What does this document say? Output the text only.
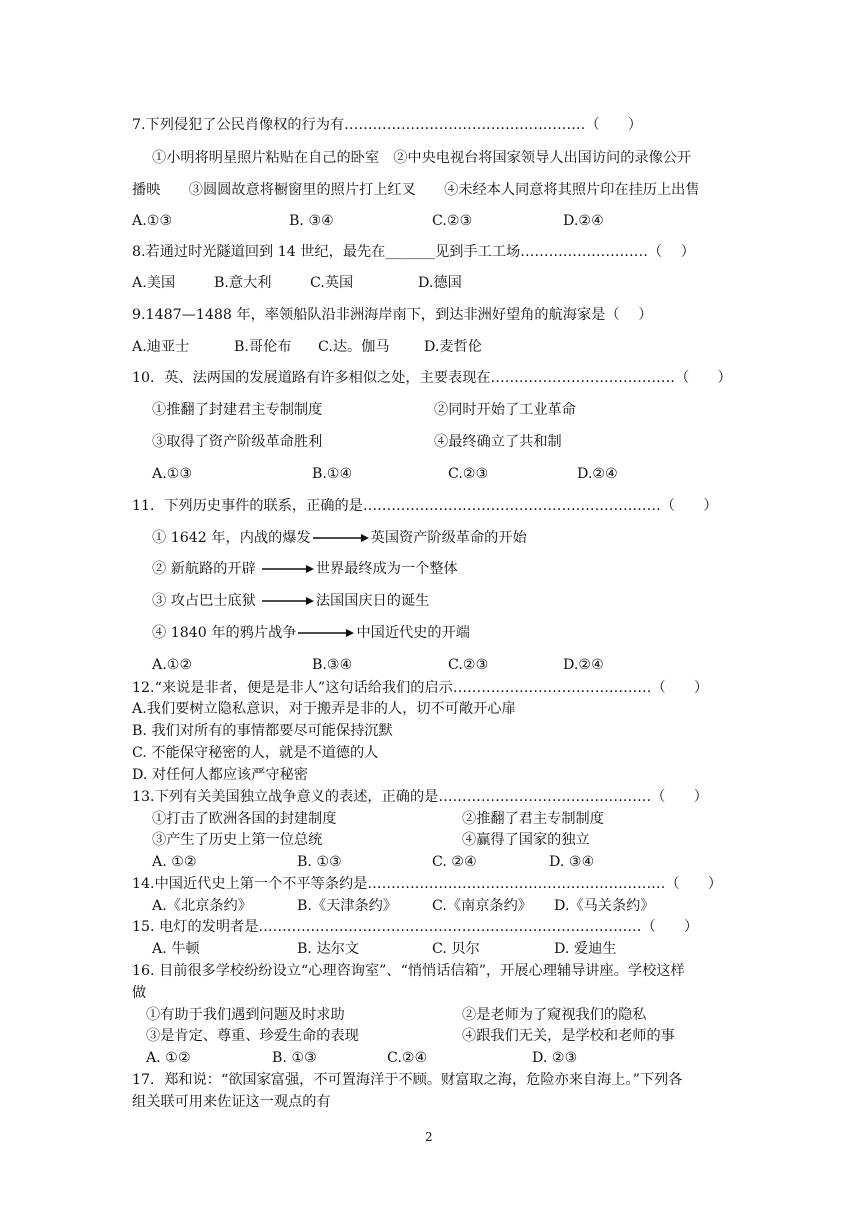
7.下列侵犯了公民肖像权的行为有……………………………………………（　　）
①小明将明星照片粘贴在自己的卧室　②中央电视台将国家领导人出国访问的录像公开
播映　　③圆圆故意将橱窗里的照片打上红叉　　④未经本人同意将其照片印在挂历上出售
A.①③	B. ③④	C.②③	D.②④
8.若通过时光隧道回到 14 世纪，最先在_______见到手工工场………………………（　 ）
A.美国	B.意大利	C.英国	D.德国
9.1487—1488 年，率领船队沿非洲海岸南下，到达非洲好望角的航海家是（　 ）
A.迪亚士	B.哥伦布 C.达。伽马 D.麦哲伦
10．英、法两国的发展道路有许多相似之处，主要表现在…………………………………（　　）
①推翻了封建君主专制制度	②同时开始了工业革命
③取得了资产阶级革命胜利	④最终确立了共和制
A.①③	B.①④	C.②③	D.②④
11．下列历史事件的联系，正确的是………………………………………………………（　　）
① 1642 年，内战的爆发	英国资产阶级革命的开始
② 新航路的开辟	世界最终成为一个整体
③ 攻占巴士底狱	法国国庆日的诞生
④ 1840 年的鸦片战争	中国近代史的开端
A.①②	B.③④	C.②③	D.②④
12.“来说是非者，便是是非人”这句话给我们的启示……………………………………（　　）
A.我们要树立隐私意识，对于搬弄是非的人，切不可敞开心扉
B. 我们对所有的事情都要尽可能保持沉默
C. 不能保守秘密的人，就是不道德的人
D. 对任何人都应该严守秘密
13.下列有关美国独立战争意义的表述，正确的是………………………………………（　　）
①打击了欧洲各国的封建制度	②推翻了君主专制制度
③产生了历史上第一位总统	④赢得了国家的独立
A. ①②	B. ①③	C. ②④	D. ③④
14.中国近代史上第一个不平等条约是………………………………………………………（　　）
A.《北京条约》	B.《天津条约》 C.《南京条约》 D.《马关条约》
15. 电灯的发明者是………………………………………………………………………（　　）
A. 牛顿	B. 达尔文	C. 贝尔	D. 爱迪生
16. 目前很多学校纷纷设立“心理咨询室”、“悄悄话信箱”，开展心理辅导讲座。学校这样
做
①有助于我们遇到问题及时求助	②是老师为了窥视我们的隐私
③是肯定、尊重、珍爱生命的表现	④跟我们无关，是学校和老师的事
A. ①②	B. ①③	C.②④	D. ②③
17．郑和说：“欲国家富强，不可置海洋于不顾。财富取之海，危险亦来自海上。”下列各
组关联可用来佐证这一观点的有
2
